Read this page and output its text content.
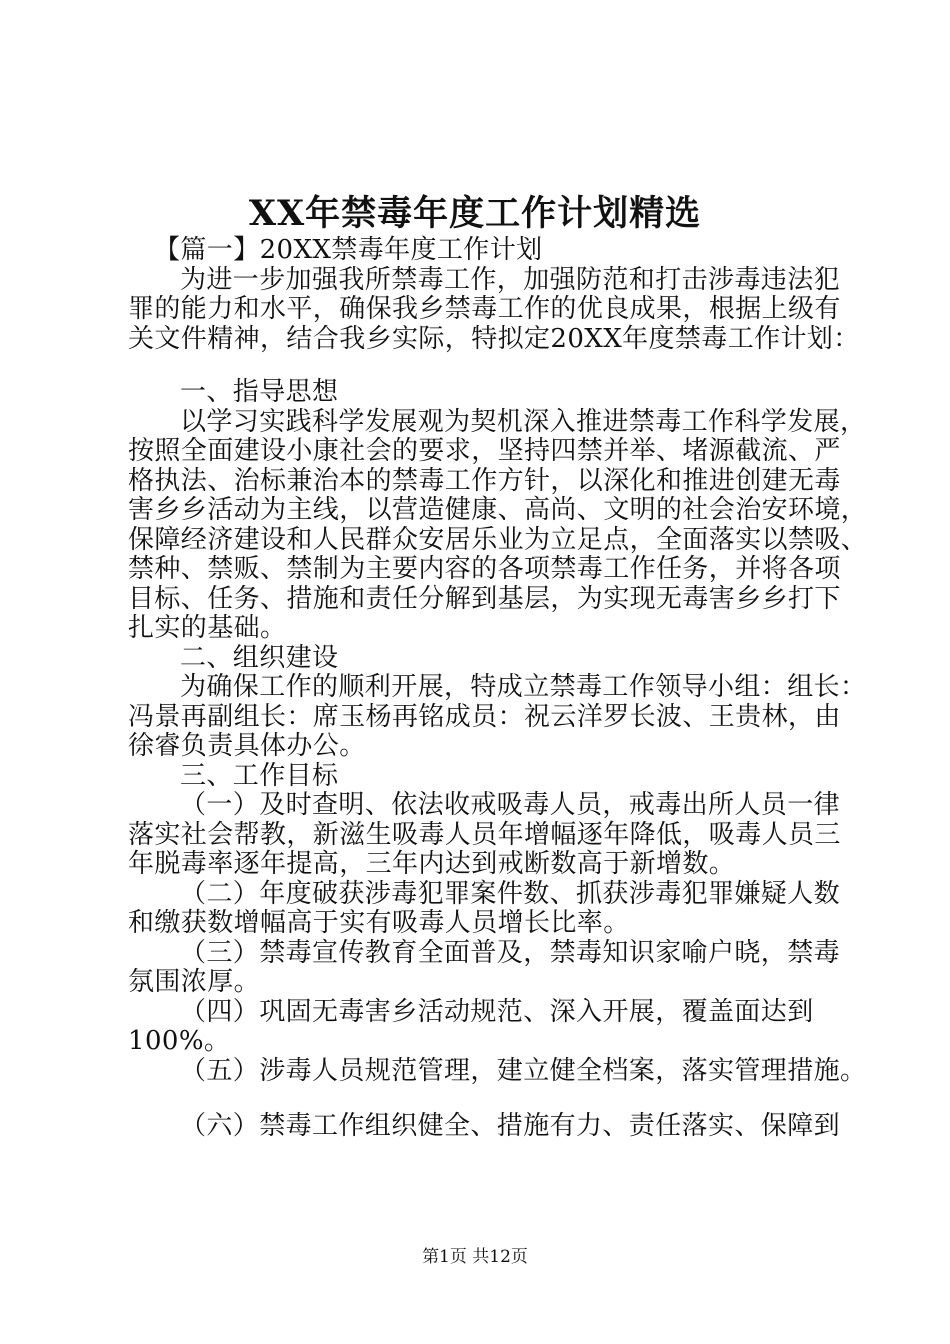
XX年禁毒年度工作计划精选
【篇一】20XX禁毒年度工作计划
为进一步加强我所禁毒工作，加强防范和打击涉毒违法犯
罪的能力和水平，确保我乡禁毒工作的优良成果，根据上级有
关文件精神，结合我乡实际，特拟定20XX年度禁毒工作计划：
一、指导思想
以学习实践科学发展观为契机深入推进禁毒工作科学发展，
按照全面建设小康社会的要求，坚持四禁并举、堵源截流、严
格执法、治标兼治本的禁毒工作方针，以深化和推进创建无毒
害乡乡活动为主线，以营造健康、高尚、文明的社会治安环境，
保障经济建设和人民群众安居乐业为立足点，全面落实以禁吸、
禁种、禁贩、禁制为主要内容的各项禁毒工作任务，并将各项
目标、任务、措施和责任分解到基层，为实现无毒害乡乡打下
扎实的基础。
二、组织建设
为确保工作的顺利开展，特成立禁毒工作领导小组：组长：
冯景再副组长：席玉杨再铭成员：祝云洋罗长波、王贵林，由
徐睿负责具体办公。
三、工作目标
（一）及时查明、依法收戒吸毒人员，戒毒出所人员一律
落实社会帮教，新滋生吸毒人员年增幅逐年降低，吸毒人员三
年脱毒率逐年提高，三年内达到戒断数高于新增数。
（二）年度破获涉毒犯罪案件数、抓获涉毒犯罪嫌疑人数
和缴获数增幅高于实有吸毒人员增长比率。
（三）禁毒宣传教育全面普及，禁毒知识家喻户晓，禁毒
氛围浓厚。
（四）巩固无毒害乡活动规范、深入开展，覆盖面达到
100%。
（五）涉毒人员规范管理，建立健全档案，落实管理措施。
（六）禁毒工作组织健全、措施有力、责任落实、保障到
第1页 共12页
